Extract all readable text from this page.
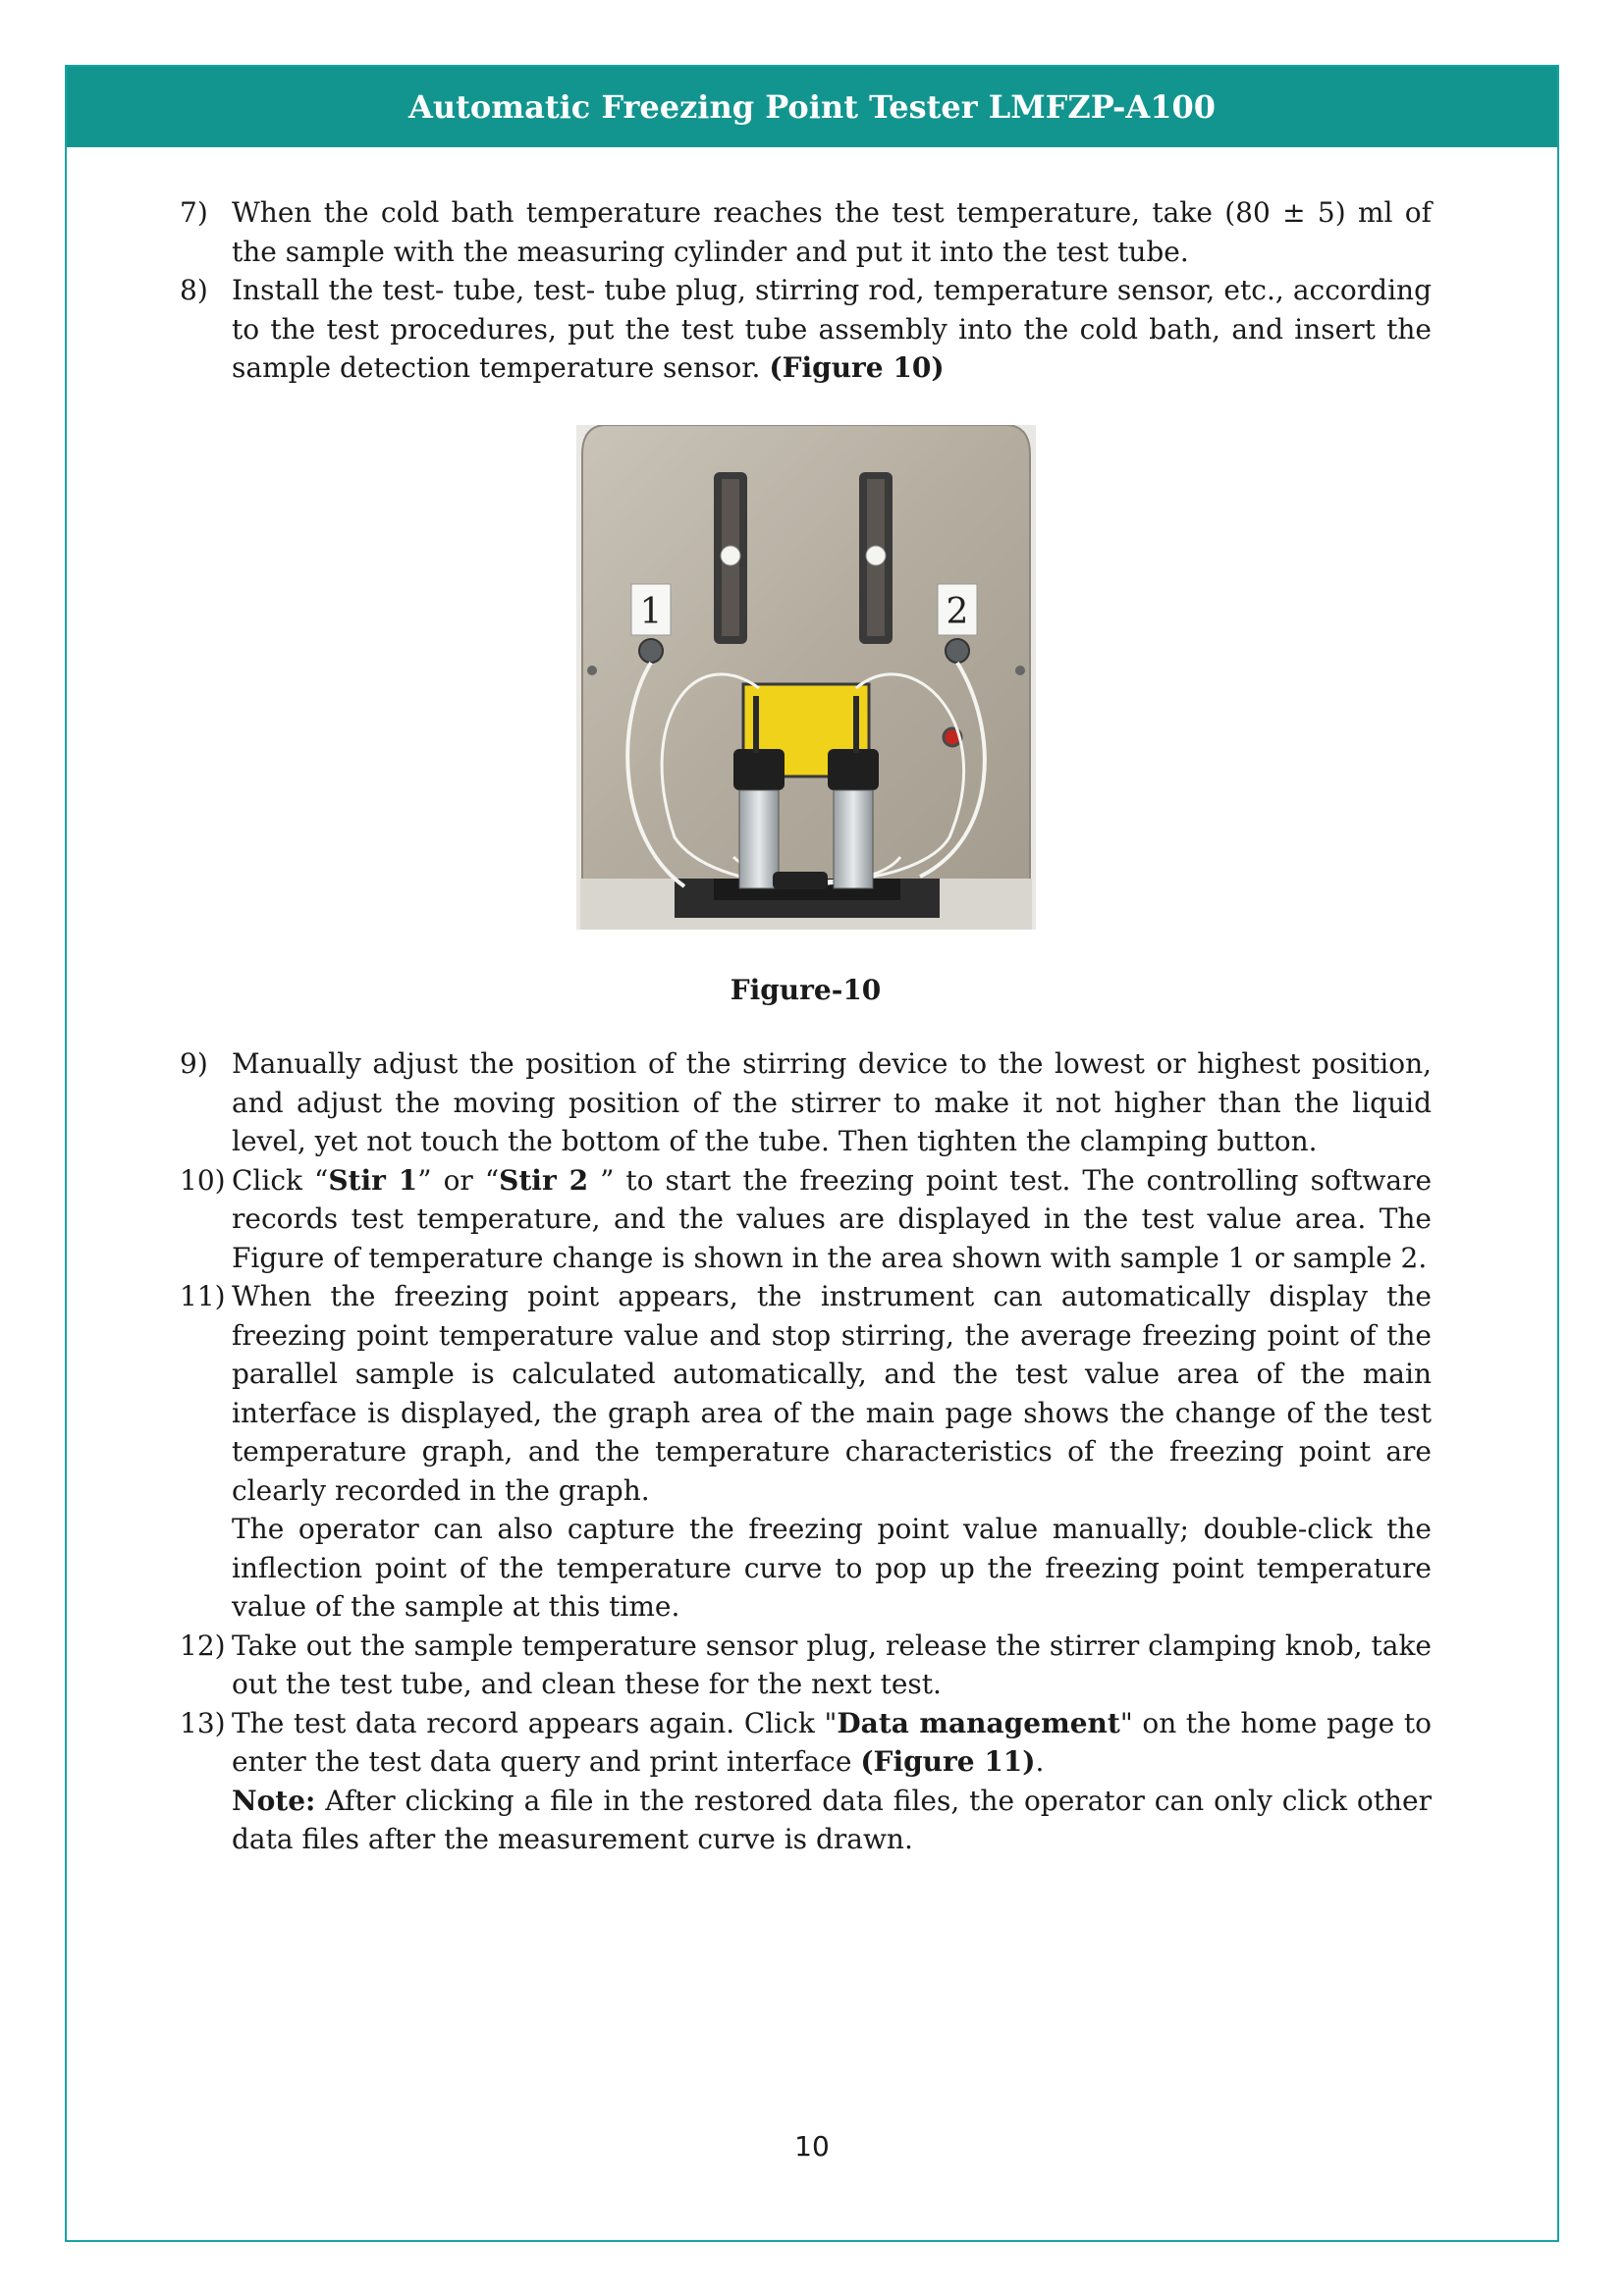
Automatic Freezing Point Tester LMFZP-A100
7) When the cold bath temperature reaches the test temperature, take (80 ± 5) ml of the sample with the measuring cylinder and put it into the test tube.

8) Install the test- tube, test- tube plug, stirring rod, temperature sensor, etc., according to the test procedures, put the test tube assembly into the cold bath, and insert the sample detection temperature sensor. (Figure 10)

1	2
Figure-10
9) Manually adjust the position of the stirring device to the lowest or highest position, and adjust the moving position of the stirrer to make it not higher than the liquid level, yet not touch the bottom of the tube. Then tighten the clamping button.

10) Click “Stir 1” or “Stir 2 ” to start the freezing point test. The controlling software records test temperature, and the values are displayed in the test value area. The Figure of temperature change is shown in the area shown with sample 1 or sample 2.

11) When the freezing point appears, the instrument can automatically display the freezing point temperature value and stop stirring, the average freezing point of the parallel sample is calculated automatically, and the test value area of the main interface is displayed, the graph area of the main page shows the change of the test temperature graph, and the temperature characteristics of the freezing point are clearly recorded in the graph.

The operator can also capture the freezing point value manually; double-click the inflection point of the temperature curve to pop up the freezing point temperature value of the sample at this time.

12) Take out the sample temperature sensor plug, release the stirrer clamping knob, take out the test tube, and clean these for the next test.

13) The test data record appears again. Click "Data management" on the home page to enter the test data query and print interface (Figure 11).

Note: After clicking a file in the restored data files, the operator can only click other data files after the measurement curve is drawn.

10
